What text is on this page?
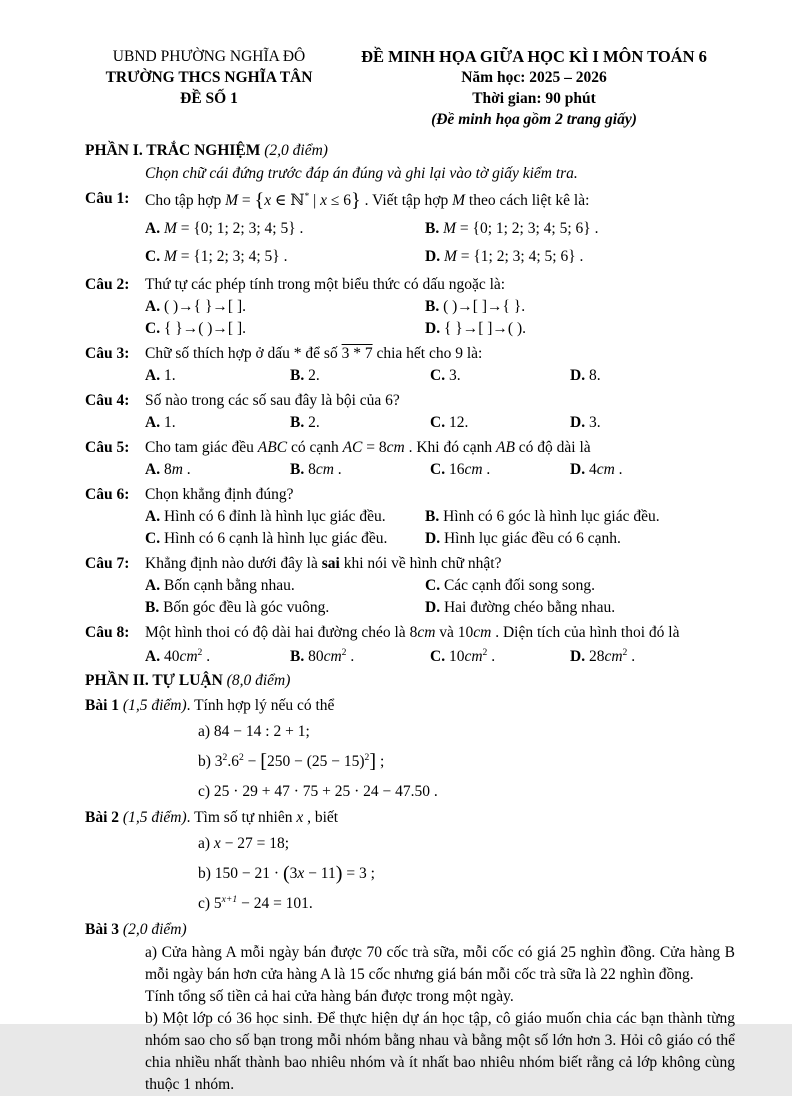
UBND PHƯỜNG NGHĨA ĐÔ
TRƯỜNG THCS NGHĨA TÂN
ĐỀ SỐ 1
ĐỀ MINH HỌA GIỮA HỌC KÌ I MÔN TOÁN 6
Năm học: 2025 – 2026
Thời gian: 90 phút
(Đề minh họa gồm 2 trang giấy)
PHẦN I. TRẮC NGHIỆM (2,0 điểm)
Chọn chữ cái đứng trước đáp án đúng và ghi lại vào tờ giấy kiểm tra.
Câu 1:	Cho tập hợp M = {x ∈ ℕ* | x ≤ 6} . Viết tập hợp M theo cách liệt kê là:
A. M = {0; 1; 2; 3; 4; 5} .	B. M = {0; 1; 2; 3; 4; 5; 6} .
C. M = {1; 2; 3; 4; 5} .	D. M = {1; 2; 3; 4; 5; 6} .
Câu 2:	Thứ tự các phép tính trong một biểu thức có dấu ngoặc là:
A. ( )→{ }→[ ].	B. ( )→[ ]→{ }.
C. { }→( )→[ ].	D. { }→[ ]→( ).
Câu 3:	Chữ số thích hợp ở dấu * để số 3 * 7 chia hết cho 9 là:
A. 1.	B. 2.	C. 3.	D. 8.
Câu 4:	Số nào trong các số sau đây là bội của 6?
A. 1.	B. 2.	C. 12.	D. 3.
Câu 5:	Cho tam giác đều ABC có cạnh AC = 8cm . Khi đó cạnh AB có độ dài là
A. 8m .	B. 8cm .	C. 16cm .	D. 4cm .
Câu 6:	Chọn khẳng định đúng?
A. Hình có 6 đỉnh là hình lục giác đều.	B. Hình có 6 góc là hình lục giác đều.
C. Hình có 6 cạnh là hình lục giác đều.	D. Hình lục giác đều có 6 cạnh.
Câu 7:	Khẳng định nào dưới đây là sai khi nói về hình chữ nhật?
A. Bốn cạnh bằng nhau.	C. Các cạnh đối song song.
B. Bốn góc đều là góc vuông.	D. Hai đường chéo bằng nhau.
Câu 8:	Một hình thoi có độ dài hai đường chéo là 8cm và 10cm . Diện tích của hình thoi đó là
A. $40cm^2$ .	B. $80cm^2$ .	C. $10cm^2$ .	D. $28cm^2$ .
PHẦN II. TỰ LUẬN (8,0 điểm)
Bài 1 (1,5 điểm). Tính hợp lý nếu có thể
a) 84 − 14 : 2 + 1;
b) $3^2.6^2 - [250 - (25 - 15)^2]$ ;
c) 25 · 29 + 47 · 75 + 25 · 24 − 47.50 .
Bài 2 (1,5 điểm). Tìm số tự nhiên x , biết
a) x − 27 = 18;
b) 150 − 21 · (3x − 11) = 3 ;
c) $5^{x+1} - 24 = 101$.
Bài 3 (2,0 điểm)
a) Cửa hàng A mỗi ngày bán được 70 cốc trà sữa, mỗi cốc có giá 25 nghìn đồng. Cửa hàng B mỗi ngày bán hơn cửa hàng A là 15 cốc nhưng giá bán mỗi cốc trà sữa là 22 nghìn đồng.
Tính tổng số tiền cả hai cửa hàng bán được trong một ngày.
b) Một lớp có 36 học sinh. Để thực hiện dự án học tập, cô giáo muốn chia các bạn thành từng nhóm sao cho số bạn trong mỗi nhóm bằng nhau và bằng một số lớn hơn 3. Hỏi cô giáo có thể chia nhiều nhất thành bao nhiêu nhóm và ít nhất bao nhiêu nhóm biết rằng cả lớp không cùng thuộc 1 nhóm.
